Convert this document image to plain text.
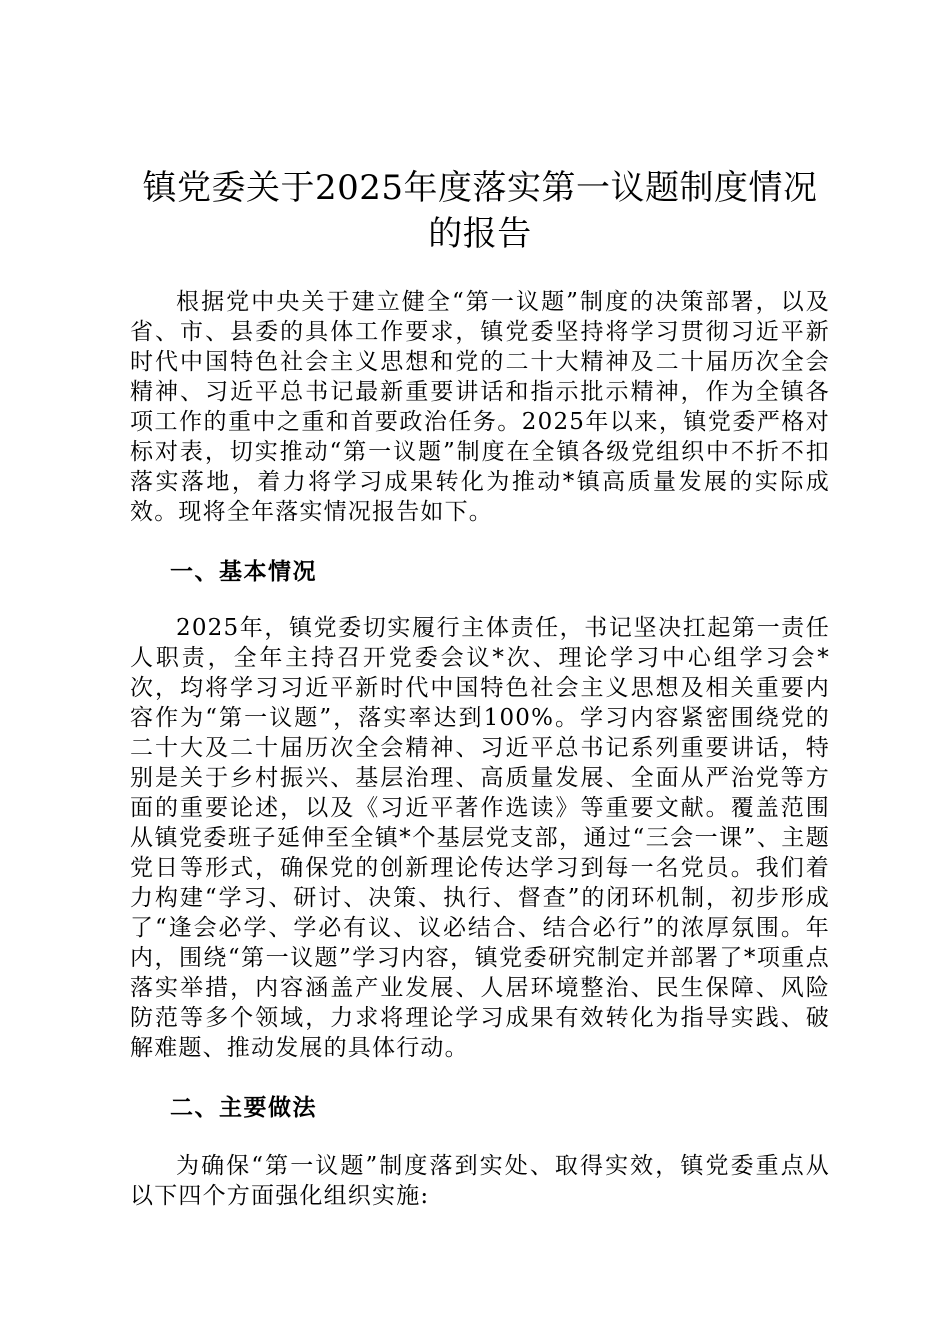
镇党委关于2025年度落实第一议题制度情况
的报告

根据党中央关于建立健全“第一议题”制度的决策部署，以及省、市、县委的具体工作要求，镇党委坚持将学习贯彻习近平新时代中国特色社会主义思想和党的二十大精神及二十届历次全会精神、习近平总书记最新重要讲话和指示批示精神，作为全镇各项工作的重中之重和首要政治任务。2025年以来，镇党委严格对标对表，切实推动“第一议题”制度在全镇各级党组织中不折不扣落实落地，着力将学习成果转化为推动*镇高质量发展的实际成效。现将全年落实情况报告如下。

一、基本情况

2025年，镇党委切实履行主体责任，书记坚决扛起第一责任人职责，全年主持召开党委会议*次、理论学习中心组学习会*次，均将学习习近平新时代中国特色社会主义思想及相关重要内容作为“第一议题”，落实率达到100%。学习内容紧密围绕党的二十大及二十届历次全会精神、习近平总书记系列重要讲话，特别是关于乡村振兴、基层治理、高质量发展、全面从严治党等方面的重要论述，以及《习近平著作选读》等重要文献。覆盖范围从镇党委班子延伸至全镇*个基层党支部，通过“三会一课”、主题党日等形式，确保党的创新理论传达学习到每一名党员。我们着力构建“学习、研讨、决策、执行、督查”的闭环机制，初步形成了“逢会必学、学必有议、议必结合、结合必行”的浓厚氛围。年内，围绕“第一议题”学习内容，镇党委研究制定并部署了*项重点落实举措，内容涵盖产业发展、人居环境整治、民生保障、风险防范等多个领域，力求将理论学习成果有效转化为指导实践、破解难题、推动发展的具体行动。

二、主要做法

为确保“第一议题”制度落到实处、取得实效，镇党委重点从以下四个方面强化组织实施:
